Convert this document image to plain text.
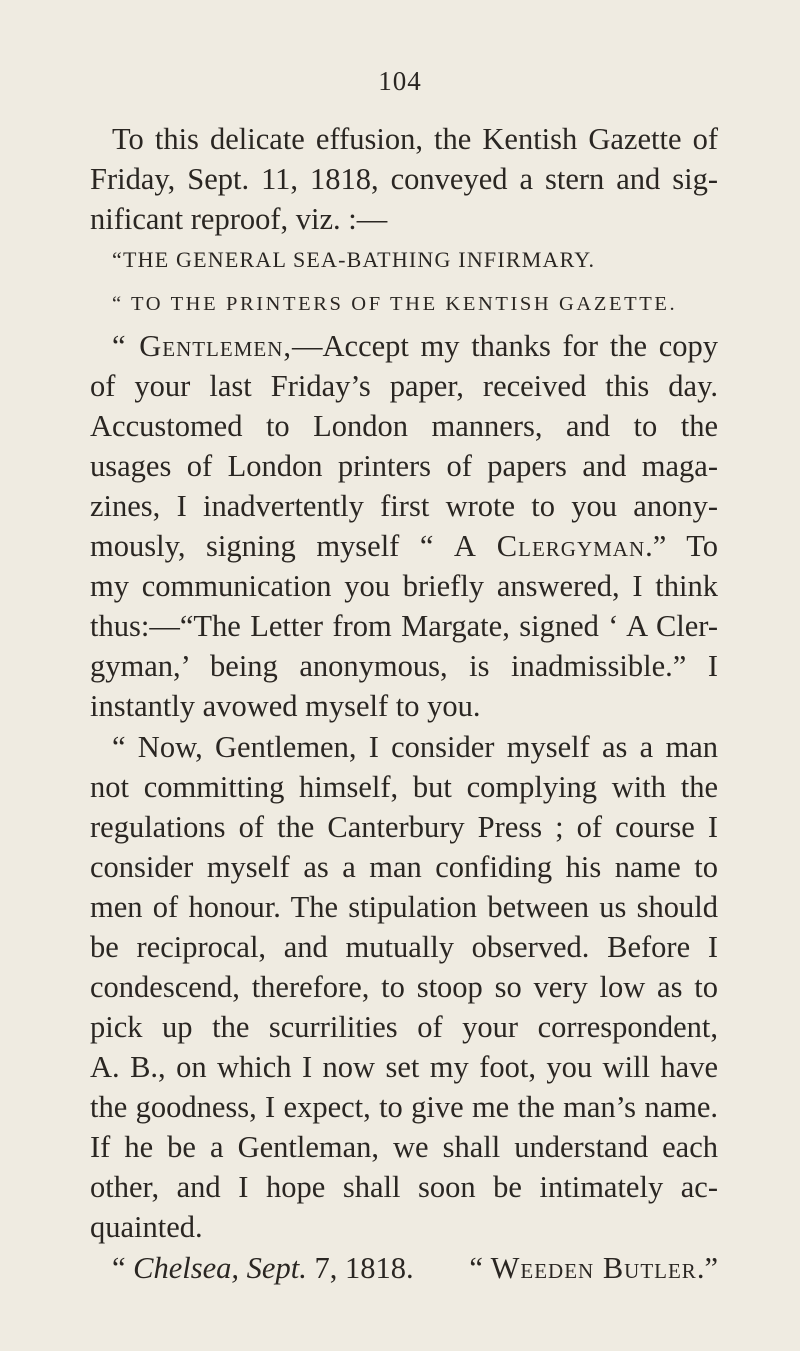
104
To this delicate effusion, the Kentish Gazette of
Friday, Sept. 11, 1818, conveyed a stern and sig-
nificant reproof, viz. :—
“THE GENERAL SEA-BATHING INFIRMARY.
“ TO THE PRINTERS OF THE KENTISH GAZETTE.
“ Gentlemen,—Accept my thanks for the copy
of your last Friday’s paper, received this day.
Accustomed to London manners, and to the
usages of London printers of papers and maga-
zines, I inadvertently first wrote to you anony-
mously, signing myself “ A Clergyman.” To
my communication you briefly answered, I think
thus:—“The Letter from Margate, signed ‘ A Cler-
gyman,’ being anonymous, is inadmissible.” I
instantly avowed myself to you.
“ Now, Gentlemen, I consider myself as a man
not committing himself, but complying with the
regulations of the Canterbury Press ; of course I
consider myself as a man confiding his name to
men of honour. The stipulation between us should
be reciprocal, and mutually observed. Before I
condescend, therefore, to stoop so very low as to
pick up the scurrilities of your correspondent,
A. B., on which I now set my foot, you will have
the goodness, I expect, to give me the man’s name.
If he be a Gentleman, we shall understand each
other, and I hope shall soon be intimately ac-
quainted.
“ Chelsea, Sept. 7, 1818. “ Weeden Butler.”
